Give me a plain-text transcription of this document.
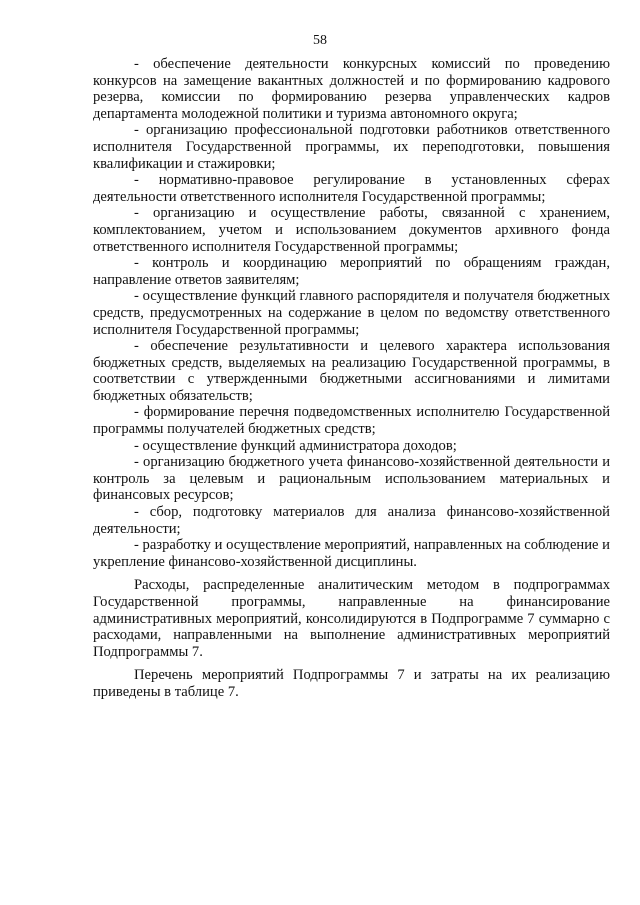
58

- обеспечение деятельности конкурсных комиссий по проведению конкурсов на замещение вакантных должностей и по формированию кадрового резерва, комиссии по формированию резерва управленческих кадров департамента молодежной политики и туризма автономного округа;

- организацию профессиональной подготовки работников ответственного исполнителя Государственной программы, их переподготовки, повышения квалификации и стажировки;

- нормативно-правовое регулирование в установленных сферах деятельности ответственного исполнителя Государственной программы;

- организацию и осуществление работы, связанной с хранением, комплектованием, учетом и использованием документов архивного фонда ответственного исполнителя Государственной программы;

- контроль и координацию мероприятий по обращениям граждан, направление ответов заявителям;

- осуществление функций главного распорядителя и получателя бюджетных средств, предусмотренных на содержание в целом по ведомству ответственного исполнителя Государственной программы;

- обеспечение результативности и целевого характера использования бюджетных средств, выделяемых на реализацию Государственной программы, в соответствии с утвержденными бюджетными ассигнованиями и лимитами бюджетных обязательств;

- формирование перечня подведомственных исполнителю Государственной программы получателей бюджетных средств;

- осуществление функций администратора доходов;

- организацию бюджетного учета финансово-хозяйственной деятельности и контроль за целевым и рациональным использованием материальных и финансовых ресурсов;

- сбор, подготовку материалов для анализа финансово-хозяйственной деятельности;

- разработку и осуществление мероприятий, направленных на соблюдение и укрепление финансово-хозяйственной дисциплины.

Расходы, распределенные аналитическим методом в подпрограммах Государственной программы, направленные на финансирование административных мероприятий, консолидируются в Подпрограмме 7 суммарно с расходами, направленными на выполнение административных мероприятий Подпрограммы 7.

Перечень мероприятий Подпрограммы 7 и затраты на их реализацию приведены в таблице 7.
